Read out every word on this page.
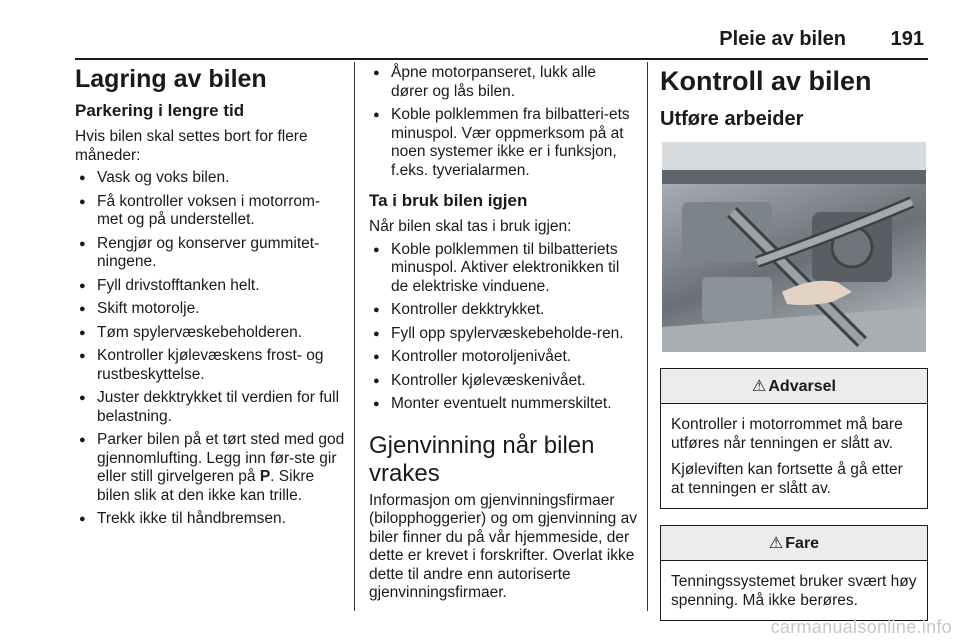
Pleie av bilen 191
Lagring av bilen
Parkering i lengre tid

Hvis bilen skal settes bort for flere måneder:

● Vask og voks bilen.
● Få kontroller voksen i motorrom-met og på understellet.
● Rengjør og konserver gummitet-ningene.
● Fyll drivstofftanken helt.
● Skift motorolje.
● Tøm spylervæskebeholderen.
● Kontroller kjølevæskens frost- og rustbeskyttelse.
● Juster dekktrykket til verdien for full belastning.
● Parker bilen på et tørt sted med god gjennomlufting. Legg inn før-ste gir eller still girvelgeren på P. Sikre bilen slik at den ikke kan trille.
● Trekk ikke til håndbremsen.
● Åpne motorpanseret, lukk alle dører og lås bilen.
● Koble polklemmen fra bilbatteri-ets minuspol. Vær oppmerksom på at noen systemer ikke er i funksjon, f.eks. tyverialarmen.
Ta i bruk bilen igjen

Når bilen skal tas i bruk igjen:

● Koble polklemmen til bilbatteriets minuspol. Aktiver elektronikken til de elektriske vinduene.
● Kontroller dekktrykket.
● Fyll opp spylervæskebeholde-ren.
● Kontroller motoroljenivået.
● Kontroller kjølevæskenivået.
● Monter eventuelt nummerskiltet.
Gjenvinning når bilen vrakes

Informasjon om gjenvinningsfirmaer (bilopphoggerier) og om gjenvinning av biler finner du på vår hjemmeside, der dette er krevet i forskrifter. Overlat ikke dette til andre enn autoriserte gjenvinningsfirmaer.

Kontroll av bilen
Utføre arbeider
⚠ Advarsel

Kontroller i motorrommet må bare utføres når tenningen er slått av.

Kjøleviften kan fortsette å gå etter at tenningen er slått av.

⚠ Fare

Tenningssystemet bruker svært høy spenning. Må ikke berøres.

carmanualsonline.info
